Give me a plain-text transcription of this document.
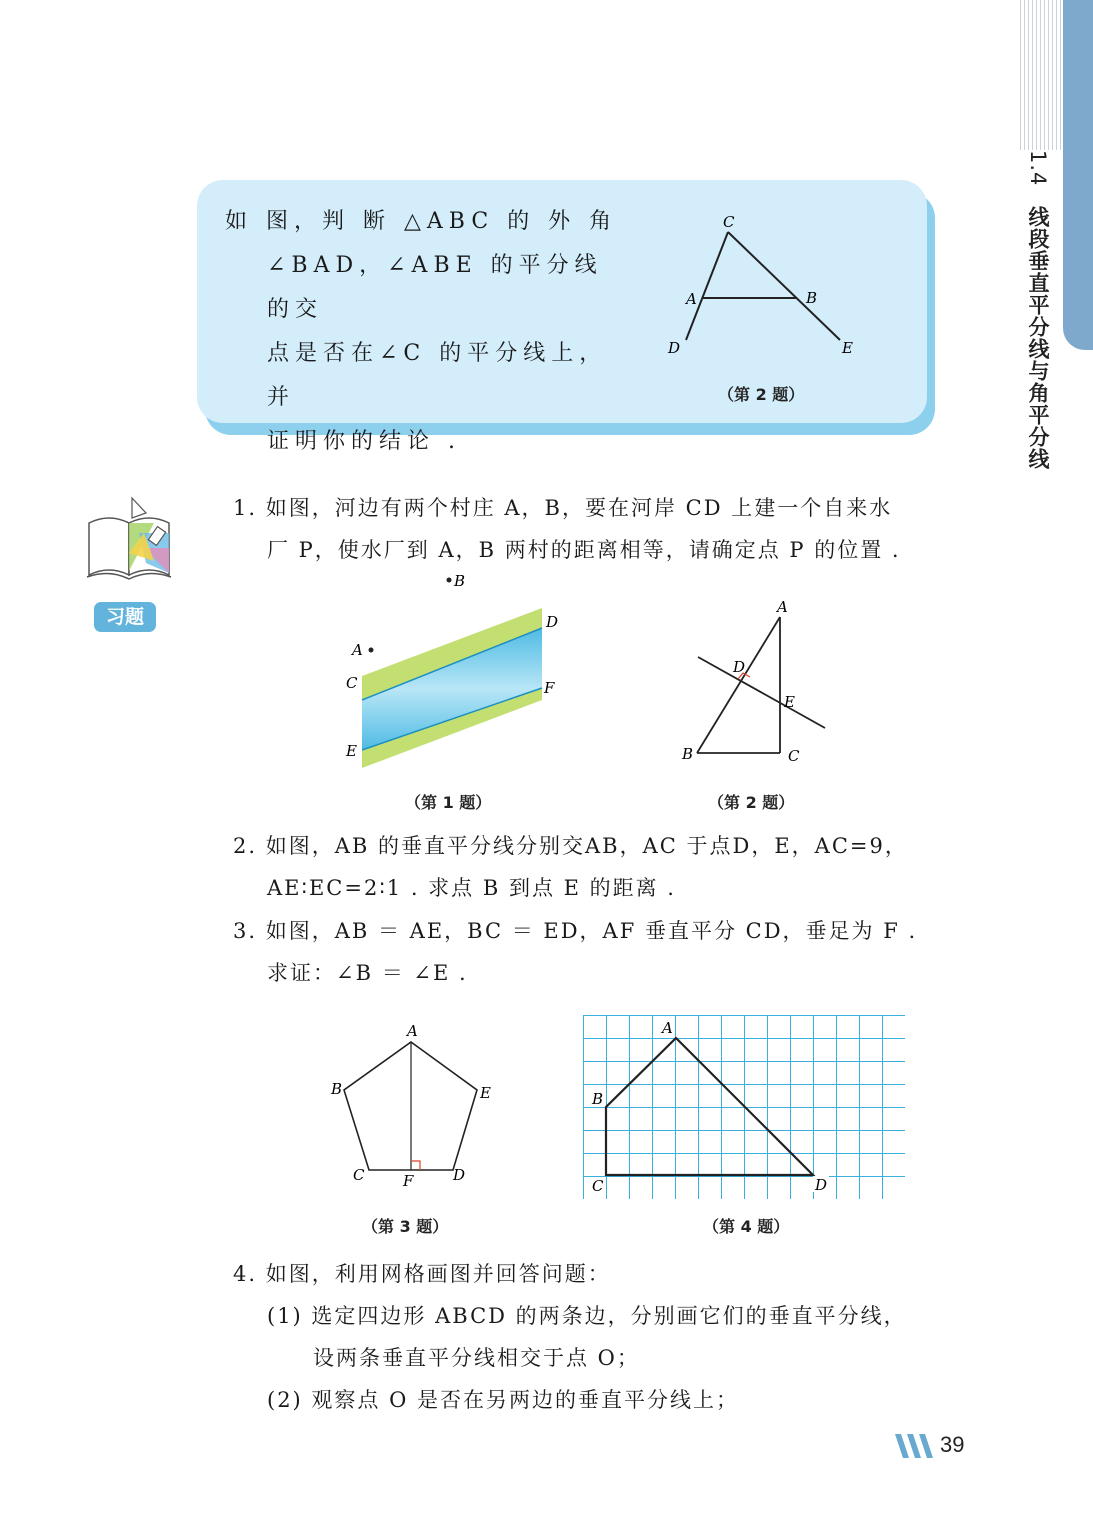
1.4 线段垂直平分线与角平分线
如 图，判 断 △ABC 的 外 角
∠BAD，∠ABE 的平分线的交
点是否在∠C 的平分线上，并
证明你的结论 .
C
A	B
D	E
（第 2 题）
习题
1. 如图，河边有两个村庄 A，B，要在河岸 CD 上建一个自来水
厂 P，使水厂到 A，B 两村的距离相等，请确定点 P 的位置 .
B
A
C
D
F
E
（第 1 题）
A
D
E
B	C
（第 2 题）
2. 如图，AB 的垂直平分线分别交AB，AC 于点D，E，AC=9，
AE∶EC=2∶1 . 求点 B 到点 E 的距离 .
3. 如图，AB ＝ AE，BC ＝ ED，AF 垂直平分 CD，垂足为 F .
求证：∠B ＝ ∠E .
A
B	E
C	F	D
（第 3 题）
A
B
C	D
（第 4 题）
4. 如图，利用网格画图并回答问题：
(1) 选定四边形 ABCD 的两条边，分别画它们的垂直平分线，
设两条垂直平分线相交于点 O；
(2) 观察点 O 是否在另两边的垂直平分线上；
39
